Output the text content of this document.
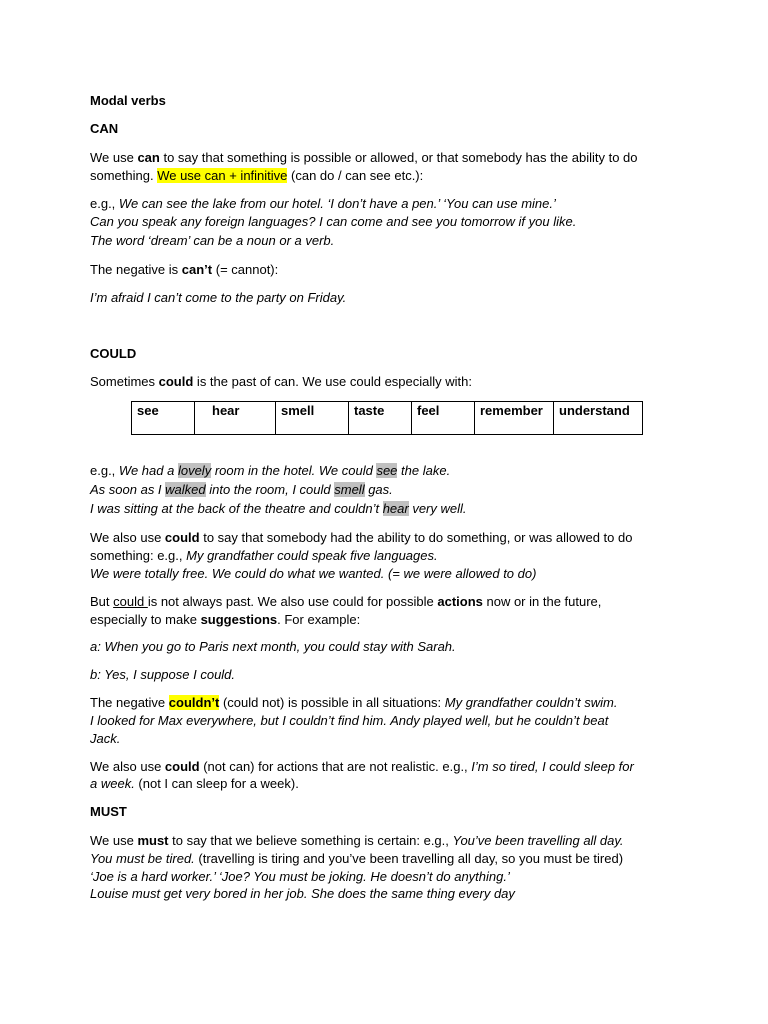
Modal verbs
CAN
We use can to say that something is possible or allowed, or that somebody has the ability to do
something. We use can + infinitive (can do / can see etc.):
e.g., We can see the lake from our hotel. ‘I don’t have a pen.’ ‘You can use mine.’
Can you speak any foreign languages? I can come and see you tomorrow if you like.
The word ‘dream’ can be a noun or a verb.
The negative is can’t (= cannot):
I’m afraid I can’t come to the party on Friday.
COULD
Sometimes could is the past of can. We use could especially with:
see	hear	smell	taste	feel	remember	understand
e.g., We had a lovely room in the hotel. We could see the lake.
As soon as I walked into the room, I could smell gas.
I was sitting at the back of the theatre and couldn’t hear very well.
We also use could to say that somebody had the ability to do something, or was allowed to do
something: e.g., My grandfather could speak five languages.
We were totally free. We could do what we wanted. (= we were allowed to do)
But could is not always past. We also use could for possible actions now or in the future,
especially to make suggestions. For example:
a: When you go to Paris next month, you could stay with Sarah.
b: Yes, I suppose I could.
The negative couldn’t (could not) is possible in all situations: My grandfather couldn’t swim.
I looked for Max everywhere, but I couldn’t find him. Andy played well, but he couldn’t beat
Jack.
We also use could (not can) for actions that are not realistic. e.g., I’m so tired, I could sleep for
a week. (not I can sleep for a week).
MUST
We use must to say that we believe something is certain: e.g., You’ve been travelling all day.
You must be tired. (travelling is tiring and you’ve been travelling all day, so you must be tired)
‘Joe is a hard worker.’ ‘Joe? You must be joking. He doesn’t do anything.’
Louise must get very bored in her job. She does the same thing every day
